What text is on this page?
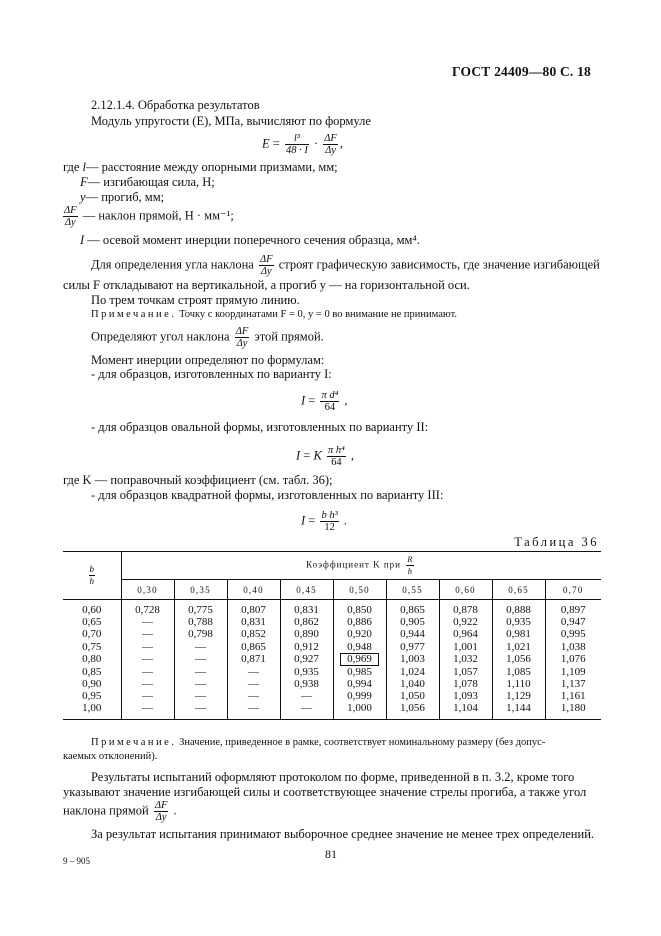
ГОСТ 24409—80 С. 18
2.12.1.4. Обработка результатов
Модуль упругости (E), МПа, вычисляют по формуле
$E = \frac{\text{l³}}{48 \cdot I} \cdot \frac{\Delta F}{\Delta y}$ ,
где l— расстояние между опорными призмами, мм;
F— изгибающая сила, Н;
y— прогиб, мм;
$\frac{\Delta F}{\Delta y}$ — наклон прямой, Н · мм⁻¹;
I — осевой момент инерции поперечного сечения образца, мм⁴.
Для определения угла наклона $\frac{\Delta F}{\Delta y}$ строят графическую зависимость, где значение изгибающей
силы F откладывают на вертикальной, а прогиб y — на горизонтальной оси.
По трем точкам строят прямую линию.
Примечание. Точку с координатами F = 0, y = 0 во внимание не принимают.
Определяют угол наклона $\frac{\Delta F}{\Delta y}$ этой прямой.
Момент инерции определяют по формулам:
- для образцов, изготовленных по варианту I:
$I = \frac{\text{π d⁴}}{64}$ ,
- для образцов овальной формы, изготовленных по варианту II:
I = K $\frac{\text{π h⁴}}{64}$ ,
где K — поправочный коэффициент (см. табл. 36);
- для образцов квадратной формы, изготовленных по варианту III:
$I = \frac{\text{b h³}}{12}$ .
Таблица 36
$\frac{b}{h}$	Коэффициент K при $\frac{R}{h}$

	0,30	0,35	0,40	0,45	0,50	0,55	0,60	0,65	0,70

0,60	0,728	0,775	0,807	0,831	0,850	0,865	0,878	0,888	0,897
0,65	—	0,788	0,831	0,862	0,886	0,905	0,922	0,935	0,947
0,70	—	0,798	0,852	0,890	0,920	0,944	0,964	0,981	0,995
0,75	—	—	0,865	0,912	0,948	0,977	1,001	1,021	1,038
0,80	—	—	0,871	0,927	0,969	1,003	1,032	1,056	1,076
0,85	—	—	—	0,935	0,985	1,024	1,057	1,085	1,109
0,90	—	—	—	0,938	0,994	1,040	1,078	1,110	1,137
0,95	—	—	—	—	0,999	1,050	1,093	1,129	1,161
1,00	—	—	—	—	1,000	1,056	1,104	1,144	1,180

Примечание. Значение, приведенное в рамке, соответствует номинальному размеру (без допус-
каемых отклонений).
Результаты испытаний оформляют протоколом по форме, приведенной в п. 3.2, кроме того
указывают значение изгибающей силы и соответствующее значение стрелы прогиба, а также угол
наклона прямой $\frac{\Delta F}{\Delta y}$ .
За результат испытания принимают выборочное среднее значение не менее трех определений.
9 – 905	81
